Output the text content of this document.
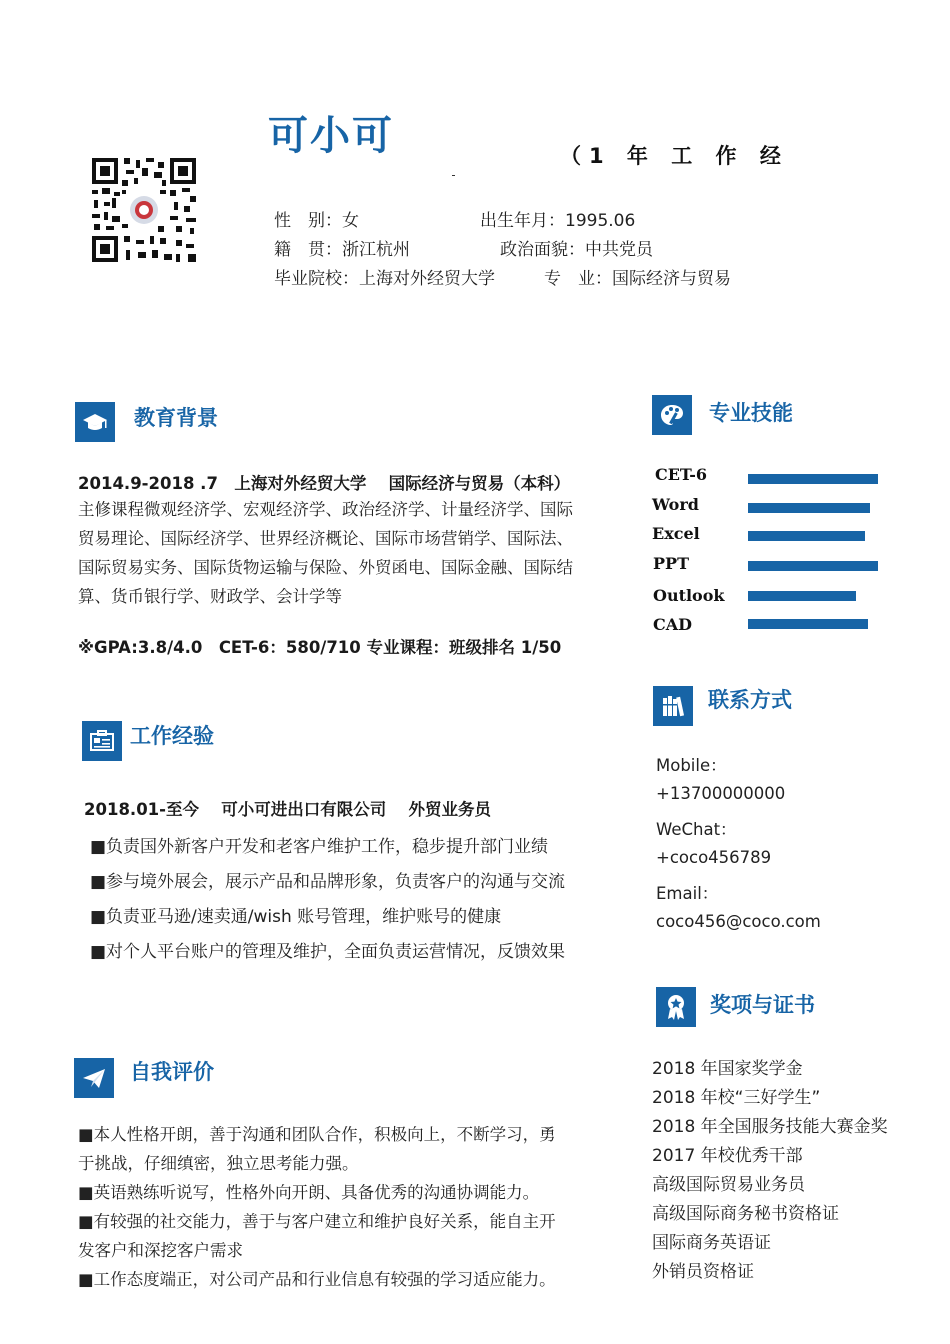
可小可	（1 年 工 作 经
性　别：女	出生年月：1995.06
籍　贯：浙江杭州	政治面貌：中共党员
毕业院校：上海对外经贸大学	专　业：国际经济与贸易
教育背景
2014.9-2018 .7　上海对外经贸大学　 国际经济与贸易（本科）
主修课程微观经济学、宏观经济学、政治经济学、计量经济学、国际
贸易理论、国际经济学、世界经济概论、国际市场营销学、国际法、
国际贸易实务、国际货物运输与保险、外贸函电、国际金融、国际结
算、货币银行学、财政学、会计学等
※GPA:3.8/4.0　CET-6：580/710 专业课程：班级排名 1/50
工作经验
2018.01-至今　 可小可进出口有限公司　 外贸业务员
■负责国外新客户开发和老客户维护工作，稳步提升部门业绩
■参与境外展会，展示产品和品牌形象，负责客户的沟通与交流
■负责亚马逊/速卖通/wish 账号管理，维护账号的健康
■对个人平台账户的管理及维护，全面负责运营情况，反馈效果
自我评价
■本人性格开朗，善于沟通和团队合作，积极向上，不断学习，勇
于挑战，仔细缜密，独立思考能力强。
■英语熟练听说写，性格外向开朗、具备优秀的沟通协调能力。
■有较强的社交能力，善于与客户建立和维护良好关系，能自主开
发客户和深挖客户需求
■工作态度端正，对公司产品和行业信息有较强的学习适应能力。
专业技能
CET-6
Word
Excel
PPT
Outlook
CAD
联系方式
Mobile：
+13700000000
WeChat：
+coco456789
Email：
coco456@coco.com
奖项与证书
2018 年国家奖学金
2018 年校“三好学生”
2018 年全国服务技能大赛金奖
2017 年校优秀干部
高级国际贸易业务员
高级国际商务秘书资格证
国际商务英语证
外销员资格证
